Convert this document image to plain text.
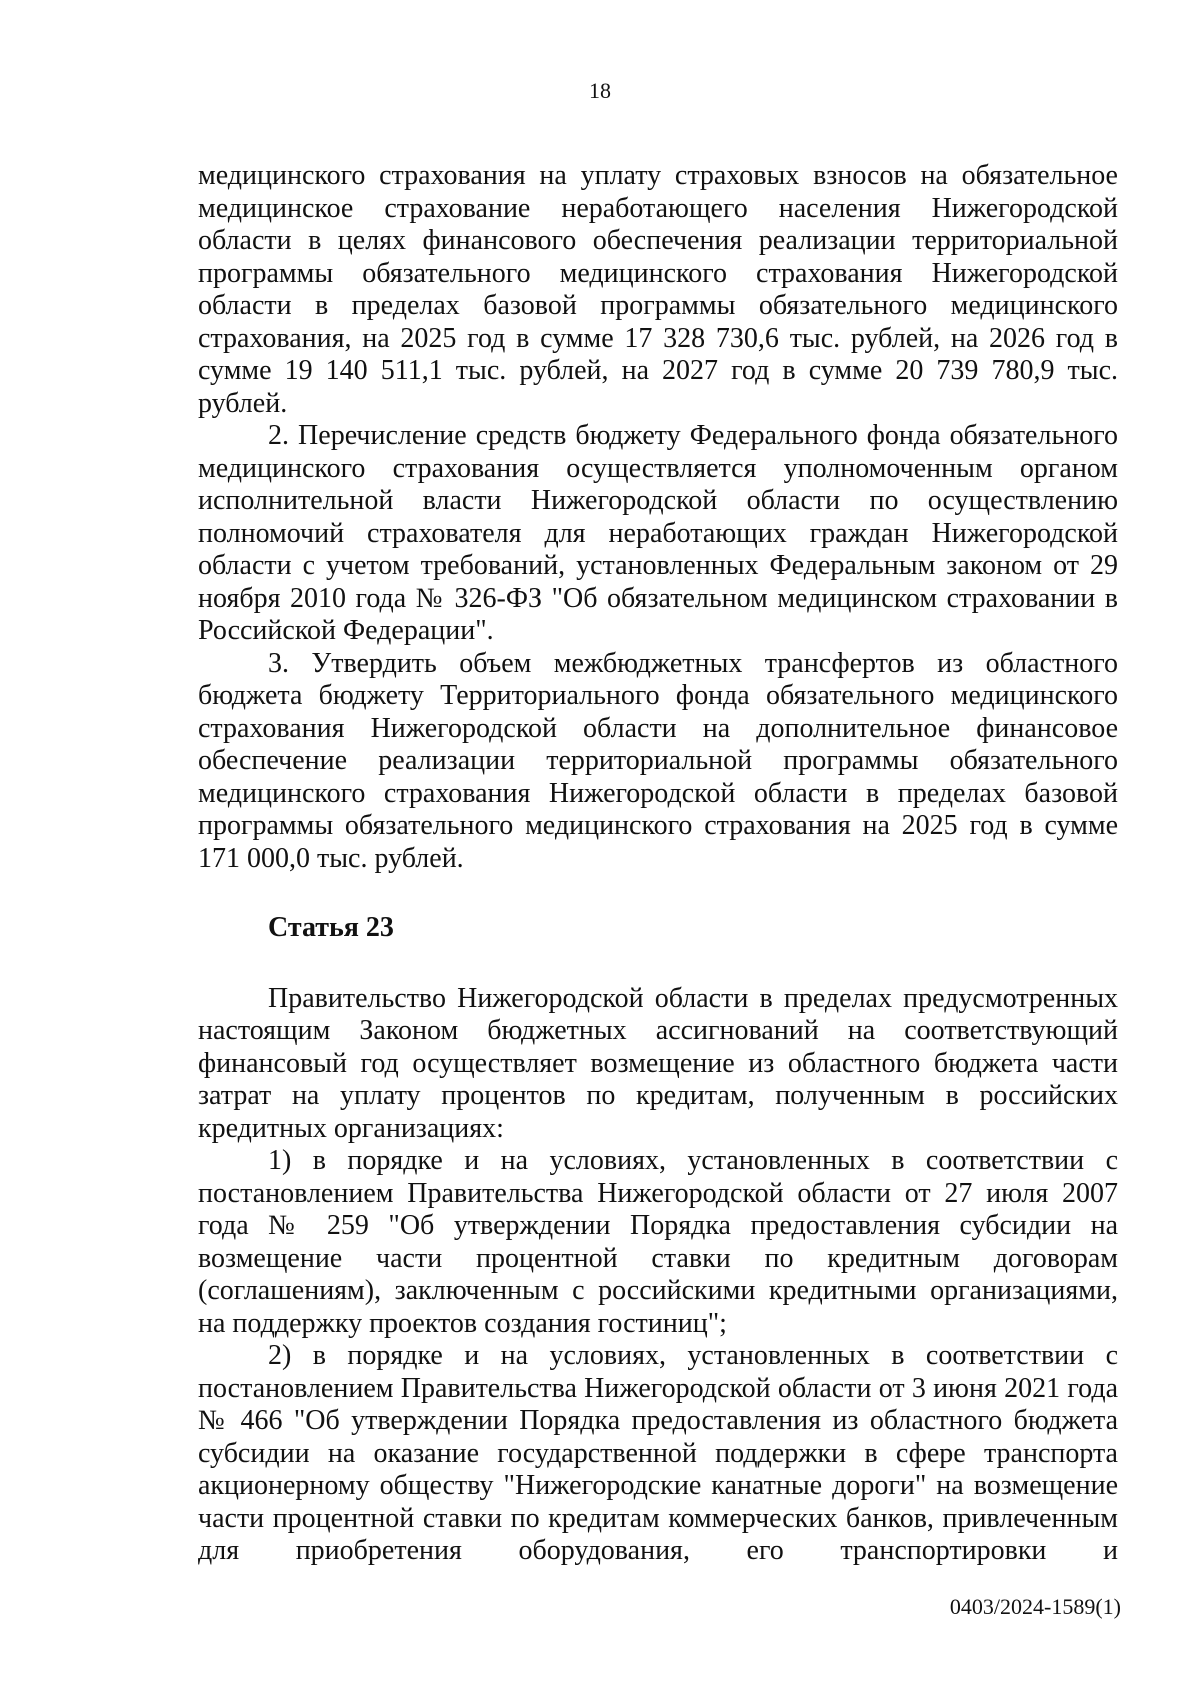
18

медицинского страхования на уплату страховых взносов на обязательное медицинское страхование неработающего населения Нижегородской области в целях финансового обеспечения реализации территориальной программы обязательного медицинского страхования Нижегородской области в пределах базовой программы обязательного медицинского страхования, на 2025 год в сумме 17 328 730,6 тыс. рублей, на 2026 год в сумме 19 140 511,1 тыс. рублей, на 2027 год в сумме 20 739 780,9 тыс. рублей.

2. Перечисление средств бюджету Федерального фонда обязательного медицинского страхования осуществляется уполномоченным органом исполнительной власти Нижегородской области по осуществлению полномочий страхователя для неработающих граждан Нижегородской области с учетом требований, установленных Федеральным законом от 29 ноября 2010 года № 326-ФЗ "Об обязательном медицинском страховании в Российской Федерации".

3. Утвердить объем межбюджетных трансфертов из областного бюджета бюджету Территориального фонда обязательного медицинского страхования Нижегородской области на дополнительное финансовое обеспечение реализации территориальной программы обязательного медицинского страхования Нижегородской области в пределах базовой программы обязательного медицинского страхования на 2025 год в сумме 171 000,0 тыс. рублей.

Статья 23

Правительство Нижегородской области в пределах предусмотренных настоящим Законом бюджетных ассигнований на соответствующий финансовый год осуществляет возмещение из областного бюджета части затрат на уплату процентов по кредитам, полученным в российских кредитных организациях:

1) в порядке и на условиях, установленных в соответствии с постановлением Правительства Нижегородской области от 27 июля 2007 года № 259 "Об утверждении Порядка предоставления субсидии на возмещение части процентной ставки по кредитным договорам (соглашениям), заключенным с российскими кредитными организациями, на поддержку проектов создания гостиниц";

2) в порядке и на условиях, установленных в соответствии с постановлением Правительства Нижегородской области от 3 июня 2021 года № 466 "Об утверждении Порядка предоставления из областного бюджета субсидии на оказание государственной поддержки в сфере транспорта акционерному обществу "Нижегородские канатные дороги" на возмещение части процентной ставки по кредитам коммерческих банков, привлеченным для приобретения оборудования, его транспортировки и

0403/2024-1589(1)
